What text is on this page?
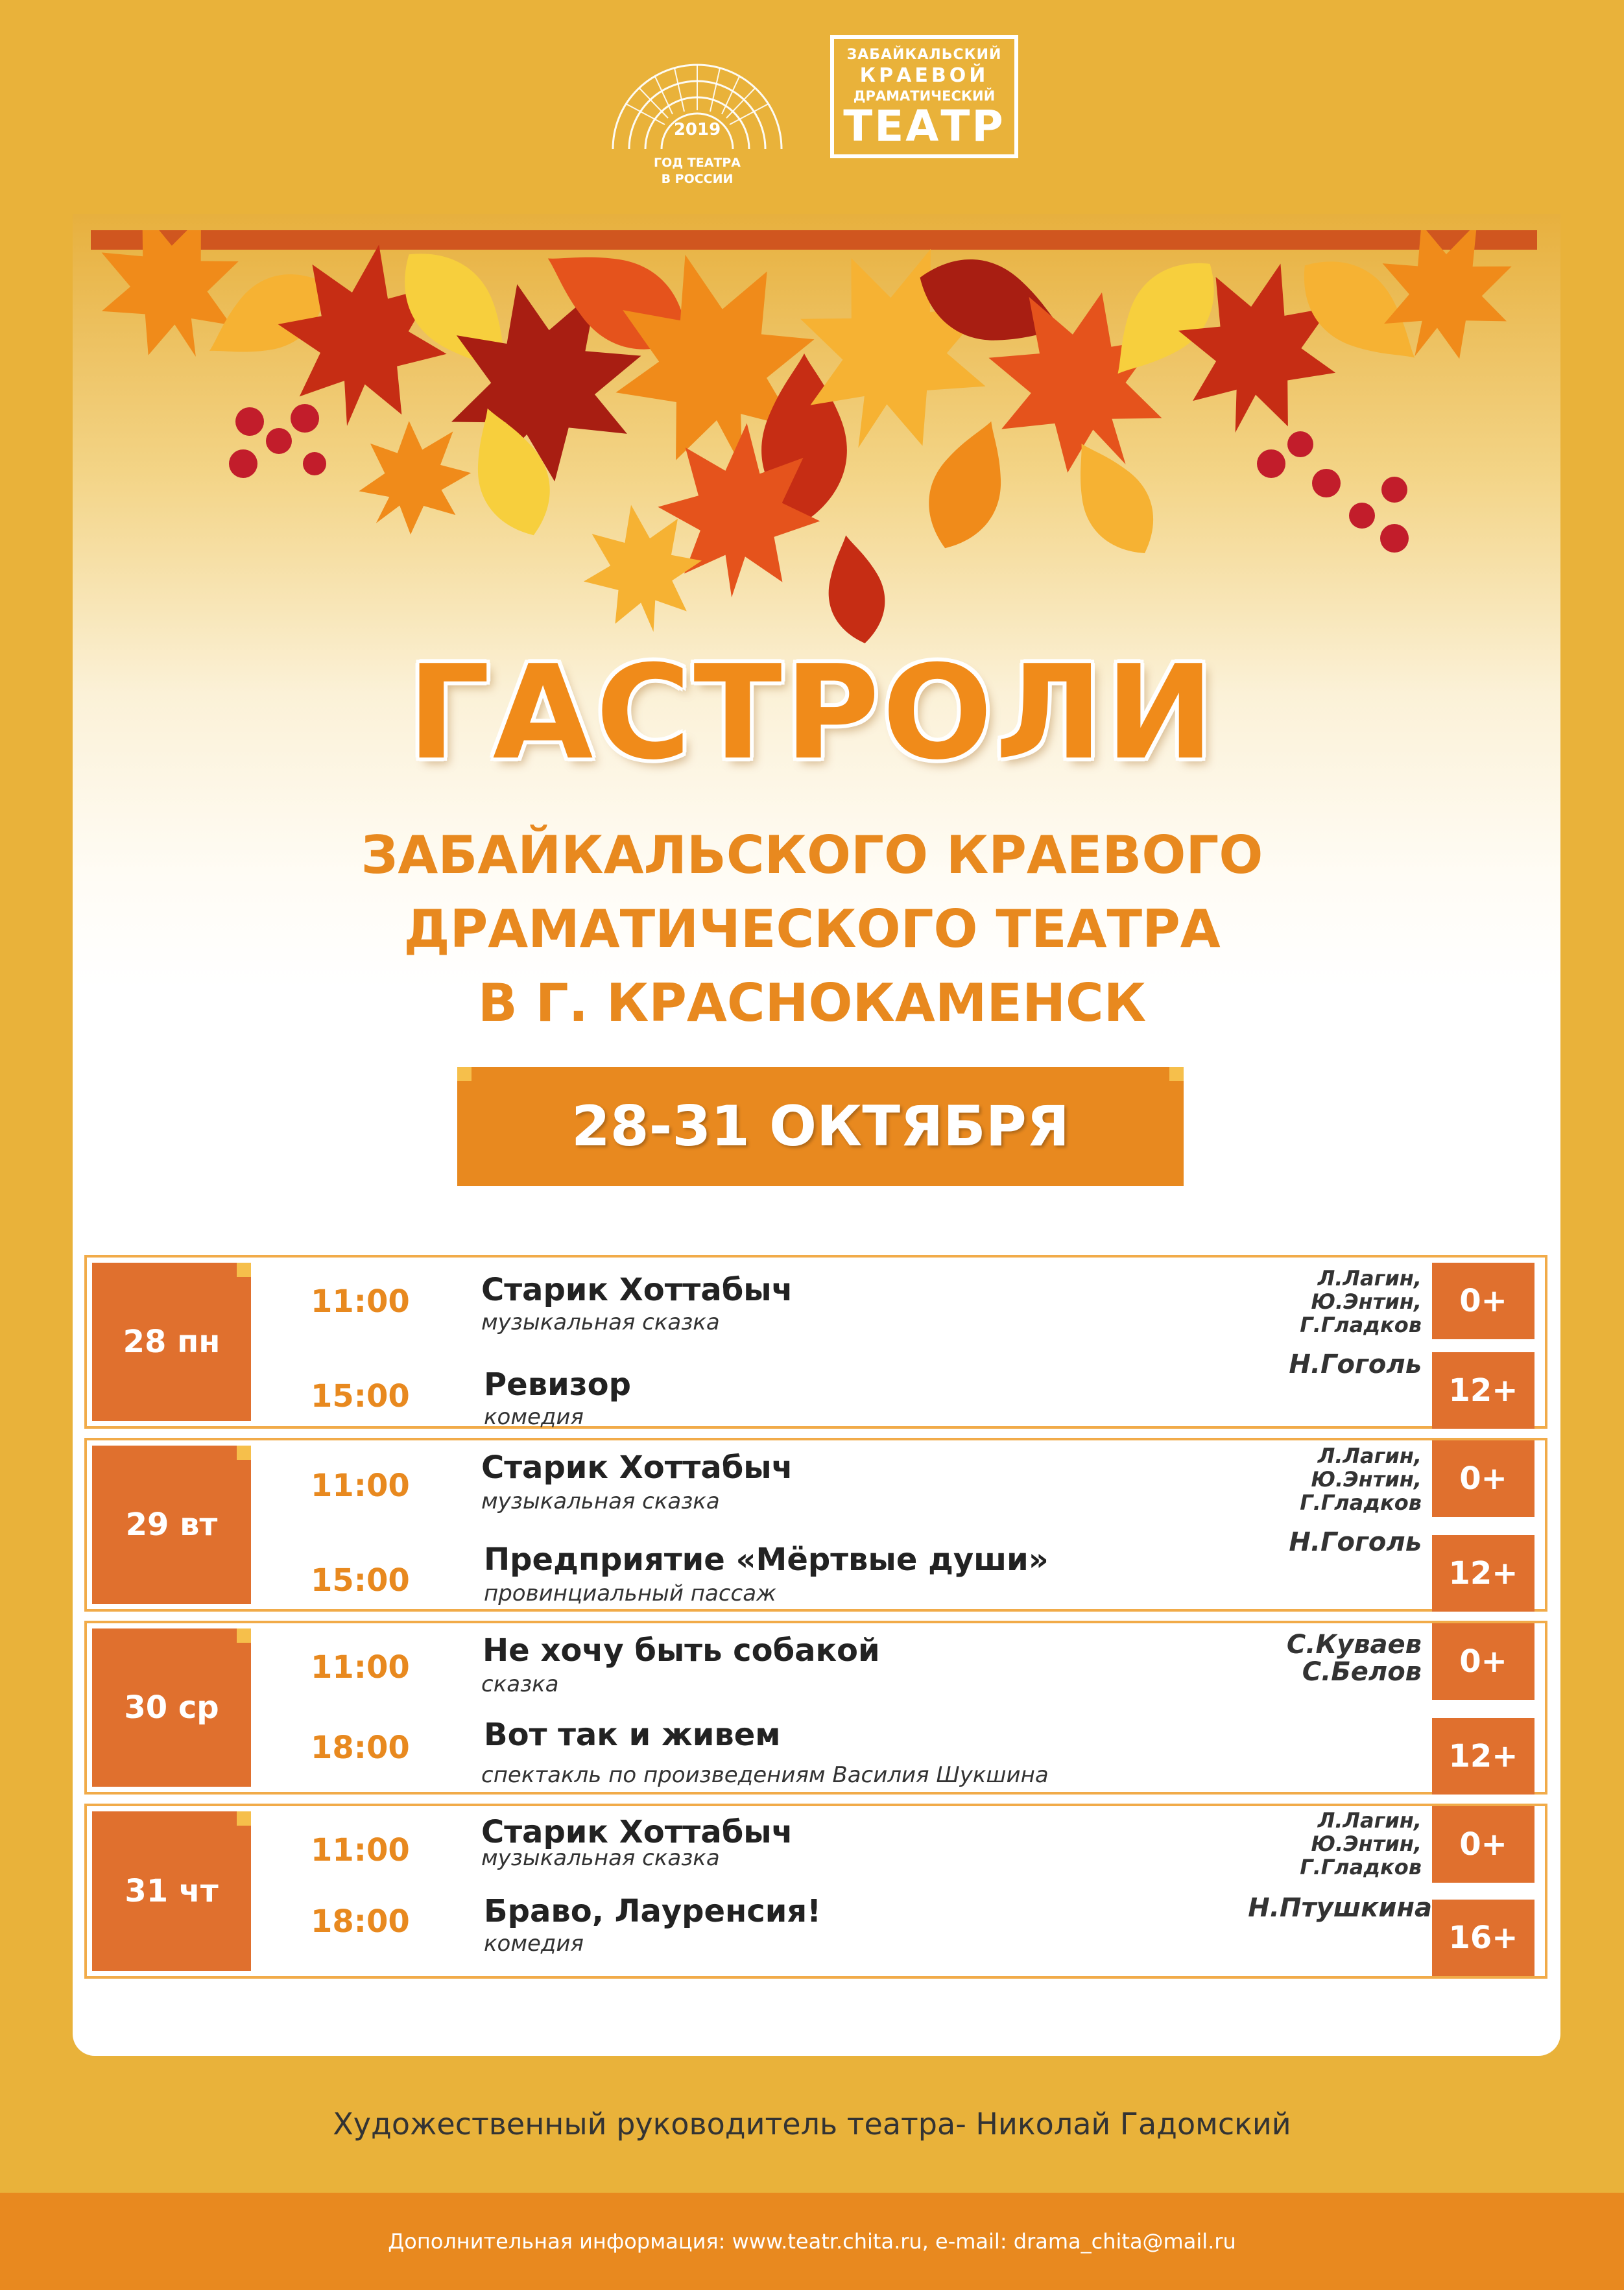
2019
ГОД ТЕАТРА
В РОССИИ
ЗАБАЙКАЛЬСКИЙ
КРАЕВОЙ
ДРАМАТИЧЕСКИЙ
ТЕАТР
ГАСТРОЛИ
ЗАБАЙКАЛЬСКОГО КРАЕВОГО
ДРАМАТИЧЕСКОГО ТЕАТРА
В Г. КРАСНОКАМЕНСК
28-31 ОКТЯБРЯ
28 пн
11:00 Старик Хоттабыч
музыкальная сказка
Л.Лагин,
Ю.Энтин,
Г.Гладков
0+
15:00 Ревизор
комедия
Н.Гоголь
12+
29 вт
11:00 Старик Хоттабыч
музыкальная сказка
Л.Лагин,
Ю.Энтин,
Г.Гладков
0+
15:00
Предприятие «Мёртвые души»
провинциальный пассаж
Н.Гоголь
12+
30 ср
11:00 Не хочу быть собакой
сказка
С.Куваев
С.Белов	0+
18:00 Вот так и живем
спектакль по произведениям Василия Шукшина
12+
31 чт
11:00 Старик Хоттабыч
музыкальная сказка
Л.Лагин,
Ю.Энтин,
Г.Гладков
0+
18:00 Браво, Лауренсия!
комедия
Н.Птушкина
16+
Художественный руководитель театра- Николай Гадомский
Дополнительная информация: www.teatr.chita.ru, e-mail: drama_chita@mail.ru
